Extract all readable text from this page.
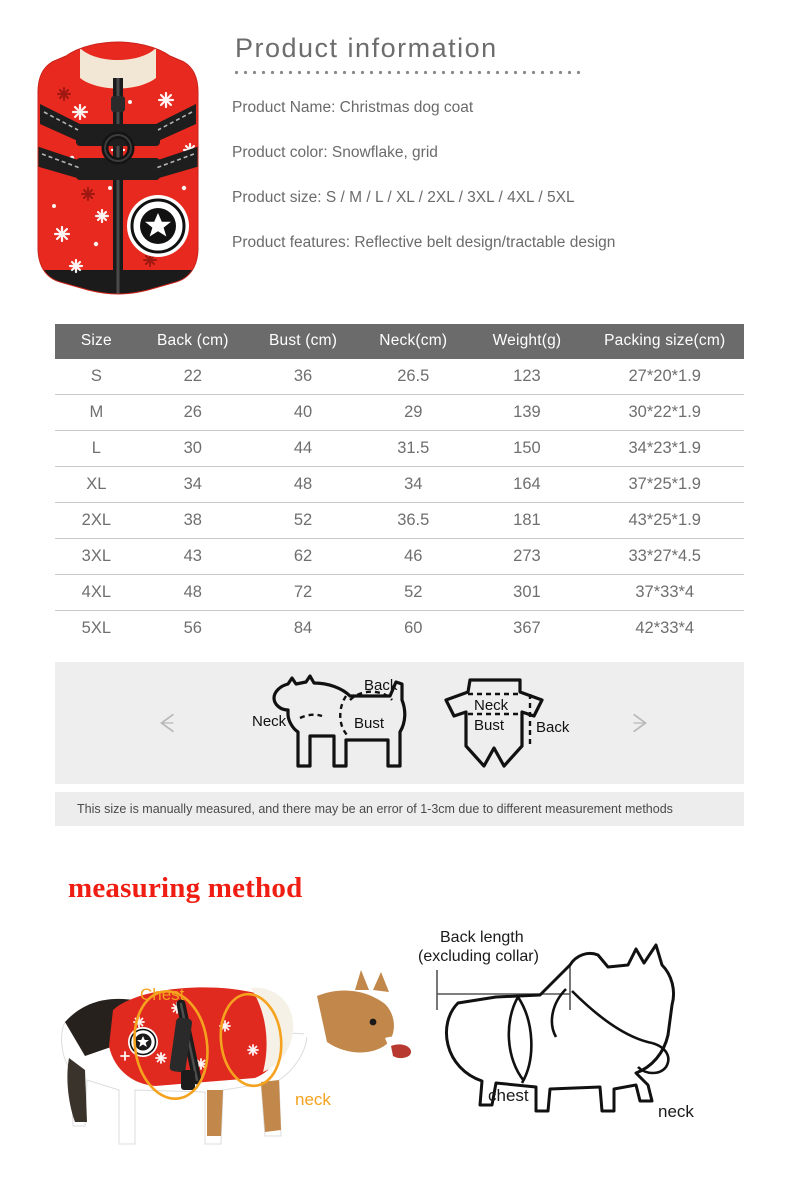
Product information
Product Name: Christmas dog coat
Product color: Snowflake, grid
Product size: S / M / L / XL / 2XL / 3XL / 4XL / 5XL
Product features: Reflective belt design/tractable design
Size	Back (cm)	Bust (cm)	Neck(cm)	Weight(g)	Packing size(cm)
S	22	36	26.5	123	27*20*1.9
M	26	40	29	139	30*22*1.9
L	30	44	31.5	150	34*23*1.9
XL	34	48	34	164	37*25*1.9
2XL	38	52	36.5	181	43*25*1.9
3XL	43	62	46	273	33*27*4.5
4XL	48	72	52	301	37*33*4
5XL	56	84	60	367	42*33*4
Back
Bust
Neck
Neck
Bust Back
This size is manually measured, and there may be an error of 1-3cm due to different measurement methods
measuring method
Chest
neck
Back length
(excluding collar)
chest
neck
